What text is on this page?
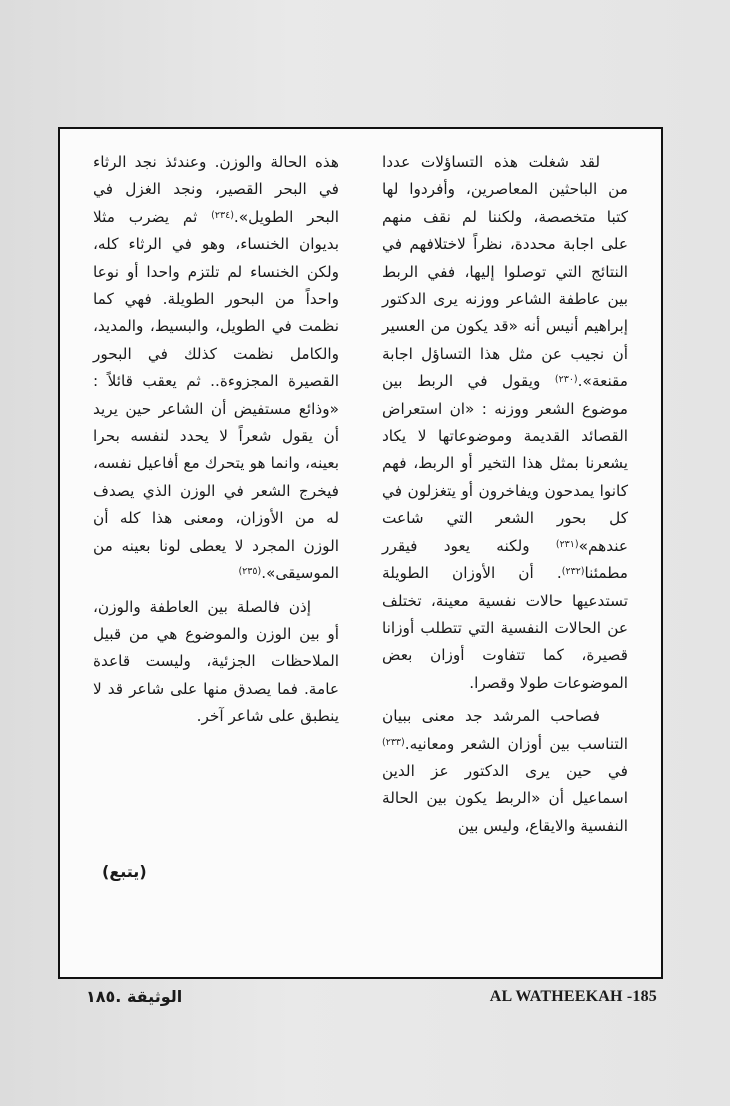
لقد شغلت هذه التساؤلات عددا من الباحثين المعاصرين، وأفردوا لها كتبا متخصصة، ولكننا لم نقف منهم على اجابة محددة، نظراً لاختلافهم في النتائج التي توصلوا إليها، ففي الربط بين عاطفة الشاعر ووزنه يرى الدكتور إبراهيم أنيس أنه «قد يكون من العسير أن نجيب عن مثل هذا التساؤل اجابة مقنعة».$^{(٢٣٠)}$ ويقول في الربط بين موضوع الشعر ووزنه : «ان استعراض القصائد القديمة وموضوعاتها لا يكاد يشعرنا بمثل هذا التخير أو الربط، فهم كانوا يمدحون ويفاخرون أو يتغزلون في كل بحور الشعر التي شاعت عندهم»$^{(٢٣١)}$ ولكنه يعود فيقرر مطمئنا$^{(٢٣٢)}$. أن الأوزان الطويلة تستدعيها حالات نفسية معينة، تختلف عن الحالات النفسية التي تتطلب أوزانا قصيرة، كما تتفاوت أوزان بعض الموضوعات طولا وقصرا.

فصاحب المرشد جد معنى ببيان التناسب بين أوزان الشعر ومعانيه.$^{(٢٣٣)}$ في حين يرى الدكتور عز الدين اسماعيل أن «الربط يكون بين الحالة النفسية والايقاع، وليس بين

هذه الحالة والوزن. وعندئذ نجد الرثاء في البحر القصير، ونجد الغزل في البحر الطويل».$^{(٢٣٤)}$ ثم يضرب مثلا بديوان الخنساء، وهو في الرثاء كله، ولكن الخنساء لم تلتزم واحدا أو نوعا واحداً من البحور الطويلة. فهي كما نظمت في الطويل، والبسيط، والمديد، والكامل نظمت كذلك في البحور القصيرة المجزوءة.. ثم يعقب قائلاً : «وذائع مستفيض أن الشاعر حين يريد أن يقول شعراً لا يحدد لنفسه بحرا بعينه، وانما هو يتحرك مع أفاعيل نفسه، فيخرج الشعر في الوزن الذي يصدف له من الأوزان، ومعنى هذا كله أن الوزن المجرد لا يعطى لونا بعينه من الموسيقى».$^{(٢٣٥)}$

إذن فالصلة بين العاطفة والوزن، أو بين الوزن والموضوع هي من قبيل الملاحظات الجزئية، وليست قاعدة عامة. فما يصدق منها على شاعر قد لا ينطبق على شاعر آخر.

(يتبع)
الوثيقة .١٨٥	AL WATHEEKAH -185
